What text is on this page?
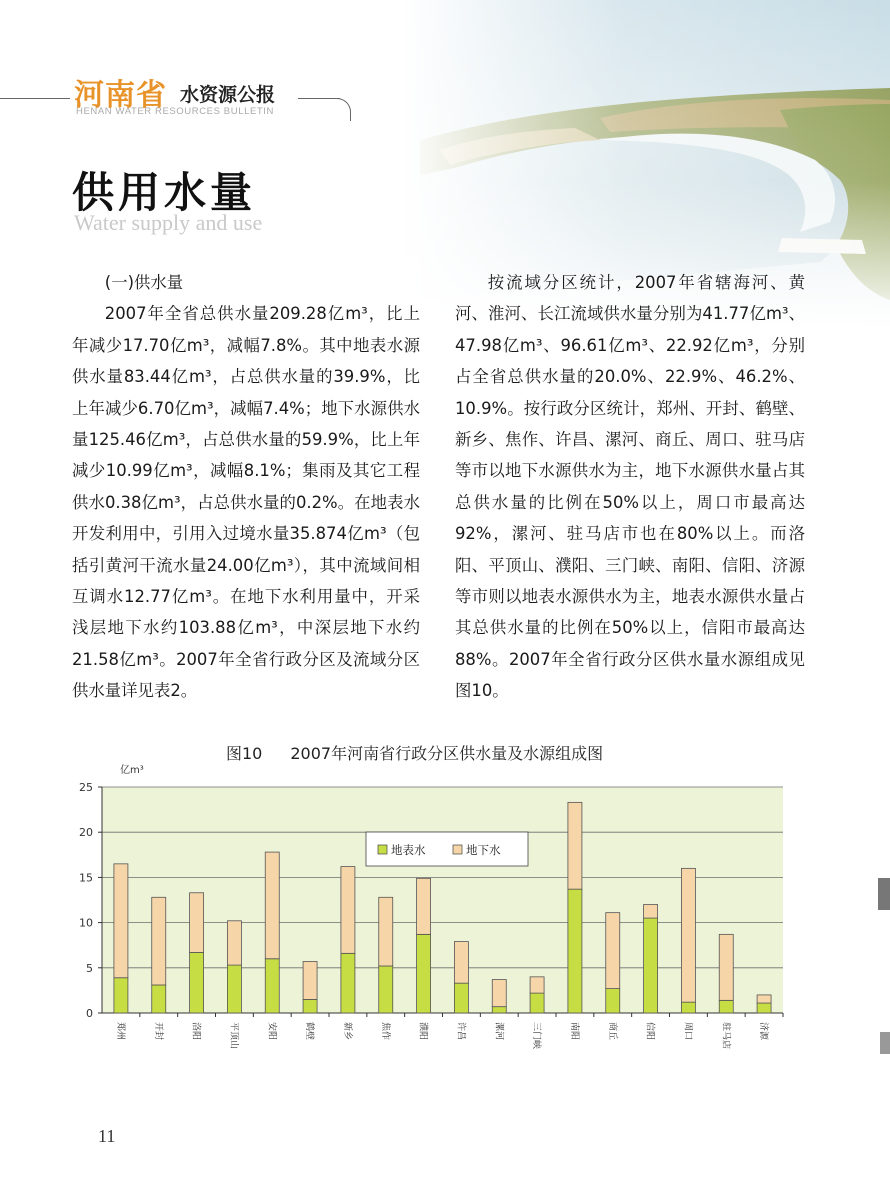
河南省 水资源公报
HENAN WATER RESOURCES BULLETIN
供用水量
Water supply and use

(一)供水量

2007年全省总供水量209.28亿m³，比上年减少17.70亿m³，减幅7.8%。其中地表水源供水量83.44亿m³，占总供水量的39.9%，比上年减少6.70亿m³，减幅7.4%；地下水源供水量125.46亿m³，占总供水量的59.9%，比上年减少10.99亿m³，减幅8.1%；集雨及其它工程供水0.38亿m³，占总供水量的0.2%。在地表水开发利用中，引用入过境水量35.874亿m³（包括引黄河干流水量24.00亿m³），其中流域间相互调水12.77亿m³。在地下水利用量中，开采浅层地下水约103.88亿m³，中深层地下水约21.58亿m³。2007年全省行政分区及流域分区供水量详见表2。

按流域分区统计，2007年省辖海河、黄河、淮河、长江流域供水量分别为41.77亿m³、47.98亿m³、96.61亿m³、22.92亿m³，分别占全省总供水量的20.0%、22.9%、46.2%、10.9%。按行政分区统计，郑州、开封、鹤壁、新乡、焦作、许昌、漯河、商丘、周口、驻马店等市以地下水源供水为主，地下水源供水量占其总供水量的比例在50%以上，周口市最高达92%，漯河、驻马店市也在80%以上。而洛阳、平顶山、濮阳、三门峡、南阳、信阳、济源等市则以地表水源供水为主，地表水源供水量占其总供水量的比例在50%以上，信阳市最高达88%。2007年全省行政分区供水量水源组成见图10。

图10 2007年河南省行政分区供水量及水源组成图
0
5
10
15
20
25
亿m³
郑州	开封	洛阳	平顶山	安阳	鹤壁	新乡	焦作	濮阳	许昌	漯河	三门峡	南阳	商丘	信阳	周口	驻马店	济源
地表水	地下水
11
